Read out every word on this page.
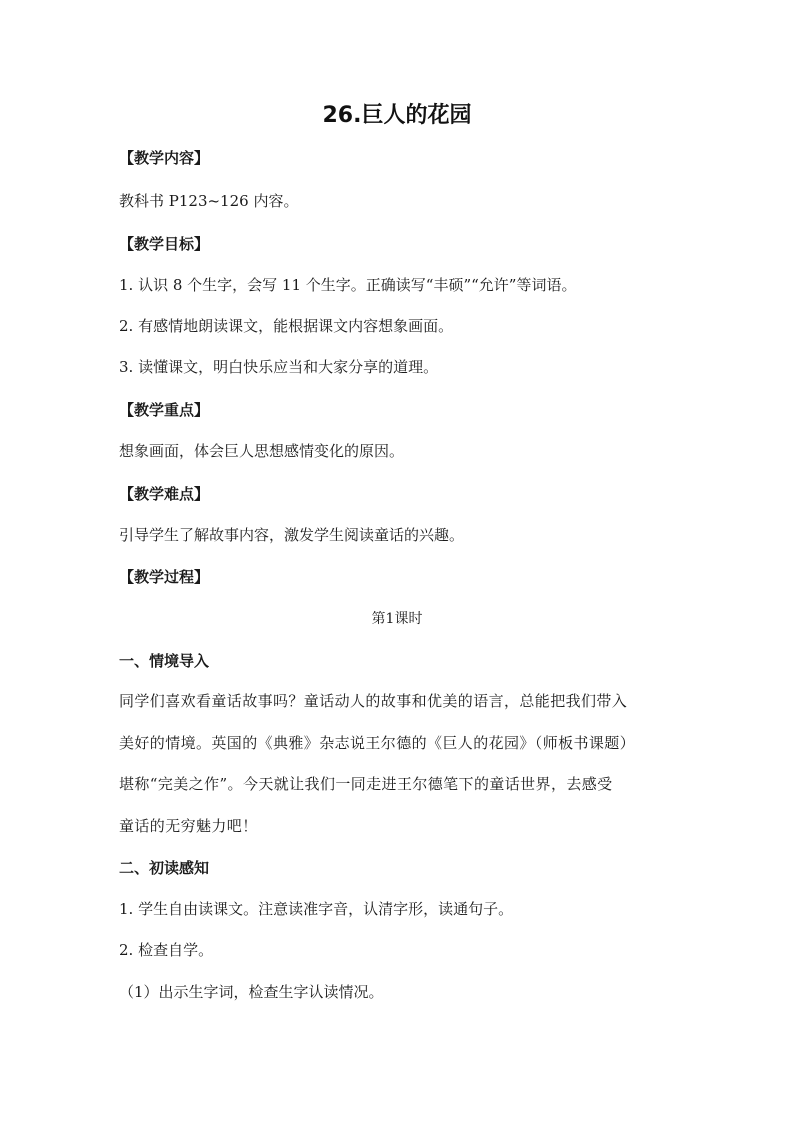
26.巨人的花园
【教学内容】
教科书 P123~126 内容。
【教学目标】
1. 认识 8 个生字，会写 11 个生字。正确读写“丰硕”“允许”等词语。
2. 有感情地朗读课文，能根据课文内容想象画面。
3. 读懂课文，明白快乐应当和大家分享的道理。
【教学重点】
想象画面，体会巨人思想感情变化的原因。
【教学难点】
引导学生了解故事内容，激发学生阅读童话的兴趣。
【教学过程】
第1课时
一、情境导入
同学们喜欢看童话故事吗？童话动人的故事和优美的语言，总能把我们带入
美好的情境。英国的《典雅》杂志说王尔德的《巨人的花园》（师板书课题）
堪称“完美之作”。今天就让我们一同走进王尔德笔下的童话世界，去感受
童话的无穷魅力吧！
二、初读感知
1. 学生自由读课文。注意读准字音，认清字形，读通句子。
2. 检查自学。
（1）出示生字词，检查生字认读情况。
